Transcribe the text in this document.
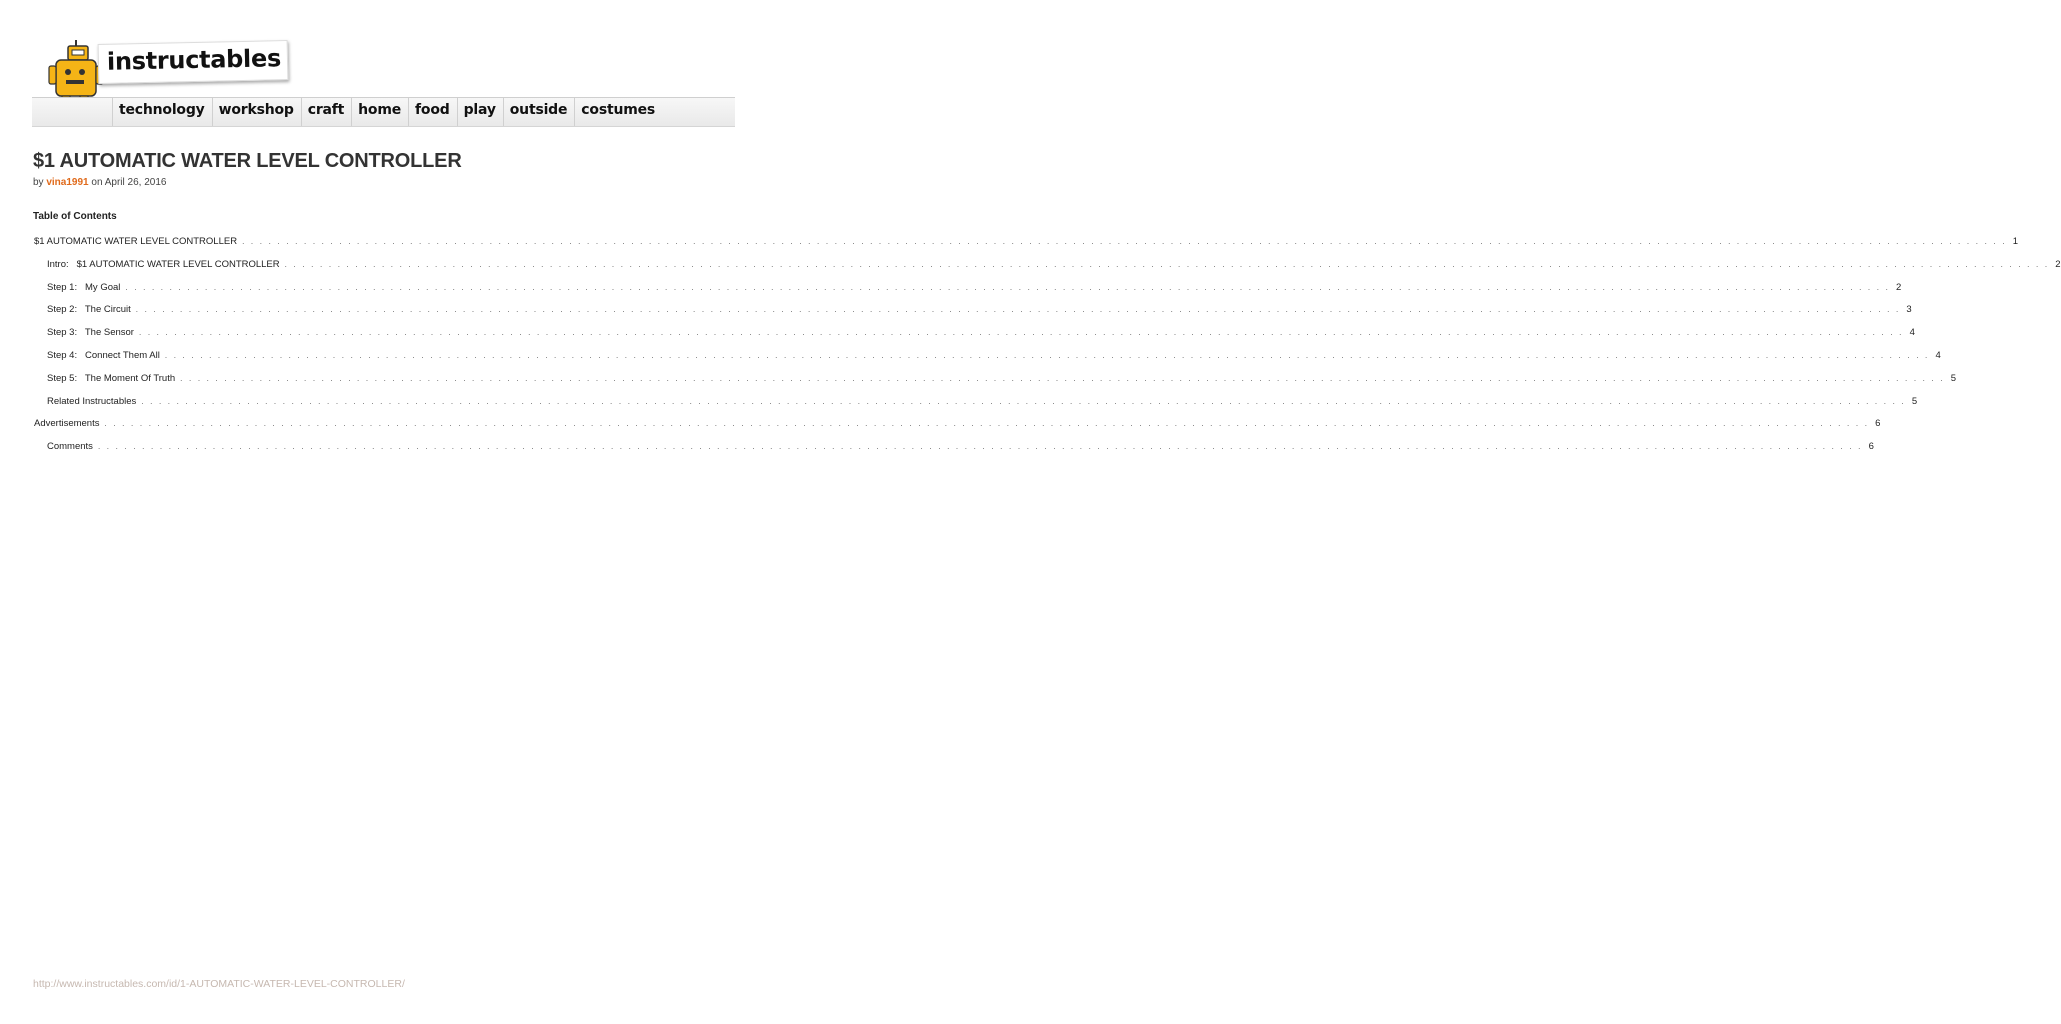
instructables
technology	workshop	craft	home	food	play	outside	costumes
$1 AUTOMATIC WATER LEVEL CONTROLLER
by vina1991 on April 26, 2016
Table of Contents
$1 AUTOMATIC WATER LEVEL CONTROLLER . . . . . . . . . . . . . . . . . . . . . . . . . . . . . . . . . . . . . . . . . . . . . . . . . . . . . . . . . . . . . . . . . . . . . . . . . . . . . . . . . . . . . . . . . . . . . . . . . . . . . . . . . . . . . . . . . . . . . . . . . . . . . . . . . . . . . . . . . . . . . . . . . . . . . . . . . . . . . . . . . . . . . . . . . . . . . . . . . . . . . . . . . . . . . . . . . . . . . . . . 1
Intro:   $1 AUTOMATIC WATER LEVEL CONTROLLER . . . . . . . . . . . . . . . . . . . . . . . . . . . . . . . . . . . . . . . . . . . . . . . . . . . . . . . . . . . . . . . . . . . . . . . . . . . . . . . . . . . . . . . . . . . . . . . . . . . . . . . . . . . . . . . . . . . . . . . . . . . . . . . . . . . . . . . . . . . . . . . . . . . . . . . . . . . . . . . . . . . . . . . . . . . . . . . . . . . . . . . . . . . . . . . . . . . . . . . . 2
Step 1:   My Goal . . . . . . . . . . . . . . . . . . . . . . . . . . . . . . . . . . . . . . . . . . . . . . . . . . . . . . . . . . . . . . . . . . . . . . . . . . . . . . . . . . . . . . . . . . . . . . . . . . . . . . . . . . . . . . . . . . . . . . . . . . . . . . . . . . . . . . . . . . . . . . . . . . . . . . . . . . . . . . . . . . . . . . . . . . . . . . . . . . . . . . . . . . . . . . . . . . . . . . . . 2
Step 2:   The Circuit . . . . . . . . . . . . . . . . . . . . . . . . . . . . . . . . . . . . . . . . . . . . . . . . . . . . . . . . . . . . . . . . . . . . . . . . . . . . . . . . . . . . . . . . . . . . . . . . . . . . . . . . . . . . . . . . . . . . . . . . . . . . . . . . . . . . . . . . . . . . . . . . . . . . . . . . . . . . . . . . . . . . . . . . . . . . . . . . . . . . . . . . . . . . . . . . . . . . . . . . 3
Step 3:   The Sensor . . . . . . . . . . . . . . . . . . . . . . . . . . . . . . . . . . . . . . . . . . . . . . . . . . . . . . . . . . . . . . . . . . . . . . . . . . . . . . . . . . . . . . . . . . . . . . . . . . . . . . . . . . . . . . . . . . . . . . . . . . . . . . . . . . . . . . . . . . . . . . . . . . . . . . . . . . . . . . . . . . . . . . . . . . . . . . . . . . . . . . . . . . . . . . . . . . . . . . . . 4
Step 4:   Connect Them All . . . . . . . . . . . . . . . . . . . . . . . . . . . . . . . . . . . . . . . . . . . . . . . . . . . . . . . . . . . . . . . . . . . . . . . . . . . . . . . . . . . . . . . . . . . . . . . . . . . . . . . . . . . . . . . . . . . . . . . . . . . . . . . . . . . . . . . . . . . . . . . . . . . . . . . . . . . . . . . . . . . . . . . . . . . . . . . . . . . . . . . . . . . . . . . . . . . . . . . . 4
Step 5:   The Moment Of Truth . . . . . . . . . . . . . . . . . . . . . . . . . . . . . . . . . . . . . . . . . . . . . . . . . . . . . . . . . . . . . . . . . . . . . . . . . . . . . . . . . . . . . . . . . . . . . . . . . . . . . . . . . . . . . . . . . . . . . . . . . . . . . . . . . . . . . . . . . . . . . . . . . . . . . . . . . . . . . . . . . . . . . . . . . . . . . . . . . . . . . . . . . . . . . . . . . . . . . . . . 5
Related Instructables . . . . . . . . . . . . . . . . . . . . . . . . . . . . . . . . . . . . . . . . . . . . . . . . . . . . . . . . . . . . . . . . . . . . . . . . . . . . . . . . . . . . . . . . . . . . . . . . . . . . . . . . . . . . . . . . . . . . . . . . . . . . . . . . . . . . . . . . . . . . . . . . . . . . . . . . . . . . . . . . . . . . . . . . . . . . . . . . . . . . . . . . . . . . . . . . . . . . . . . . 5
Advertisements . . . . . . . . . . . . . . . . . . . . . . . . . . . . . . . . . . . . . . . . . . . . . . . . . . . . . . . . . . . . . . . . . . . . . . . . . . . . . . . . . . . . . . . . . . . . . . . . . . . . . . . . . . . . . . . . . . . . . . . . . . . . . . . . . . . . . . . . . . . . . . . . . . . . . . . . . . . . . . . . . . . . . . . . . . . . . . . . . . . . . . . . . . . . . . . . . . . . . . . . 6
Comments . . . . . . . . . . . . . . . . . . . . . . . . . . . . . . . . . . . . . . . . . . . . . . . . . . . . . . . . . . . . . . . . . . . . . . . . . . . . . . . . . . . . . . . . . . . . . . . . . . . . . . . . . . . . . . . . . . . . . . . . . . . . . . . . . . . . . . . . . . . . . . . . . . . . . . . . . . . . . . . . . . . . . . . . . . . . . . . . . . . . . . . . . . . . . . . . . . . . . . . . 6
http://www.instructables.com/id/1-AUTOMATIC-WATER-LEVEL-CONTROLLER/
